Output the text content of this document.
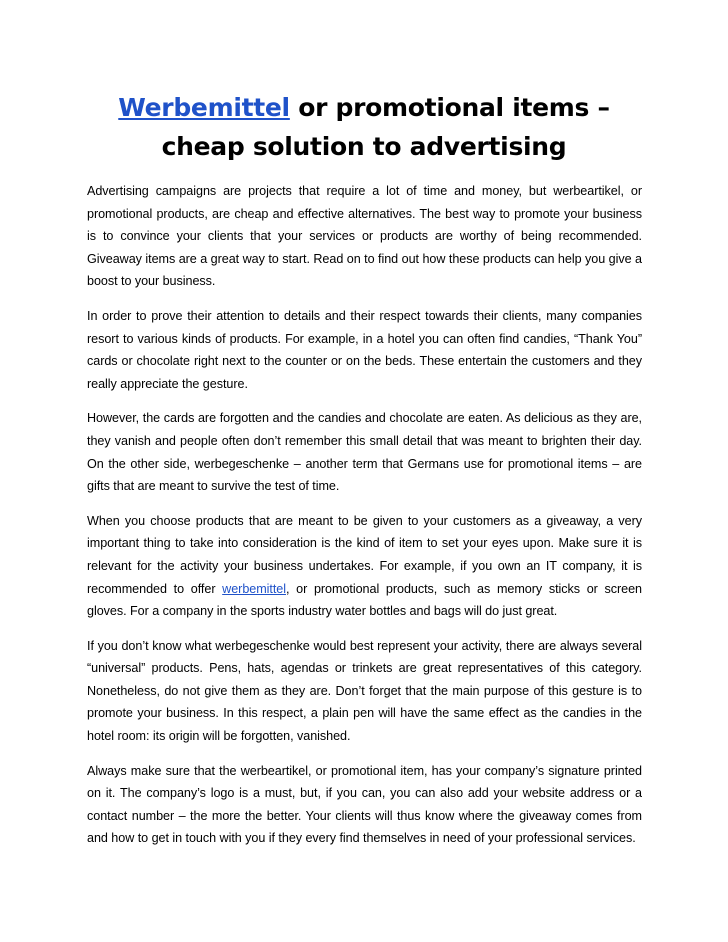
Werbemittel or promotional items –
cheap solution to advertising

Advertising campaigns are projects that require a lot of time and money, but werbeartikel, or promotional products, are cheap and effective alternatives. The best way to promote your business is to convince your clients that your services or products are worthy of being recommended. Giveaway items are a great way to start. Read on to find out how these products can help you give a boost to your business.

In order to prove their attention to details and their respect towards their clients, many companies resort to various kinds of products. For example, in a hotel you can often find candies, “Thank You” cards or chocolate right next to the counter or on the beds. These entertain the customers and they really appreciate the gesture.

However, the cards are forgotten and the candies and chocolate are eaten. As delicious as they are, they vanish and people often don’t remember this small detail that was meant to brighten their day. On the other side, werbegeschenke – another term that Germans use for promotional items – are gifts that are meant to survive the test of time.

When you choose products that are meant to be given to your customers as a giveaway, a very important thing to take into consideration is the kind of item to set your eyes upon. Make sure it is relevant for the activity your business undertakes. For example, if you own an IT company, it is recommended to offer werbemittel, or promotional products, such as memory sticks or screen gloves. For a company in the sports industry water bottles and bags will do just great.

If you don’t know what werbegeschenke would best represent your activity, there are always several “universal” products. Pens, hats, agendas or trinkets are great representatives of this category. Nonetheless, do not give them as they are. Don’t forget that the main purpose of this gesture is to promote your business. In this respect, a plain pen will have the same effect as the candies in the hotel room: its origin will be forgotten, vanished.

Always make sure that the werbeartikel, or promotional item, has your company’s signature printed on it. The company’s logo is a must, but, if you can, you can also add your website address or a contact number – the more the better. Your clients will thus know where the giveaway comes from and how to get in touch with you if they every find themselves in need of your professional services.
